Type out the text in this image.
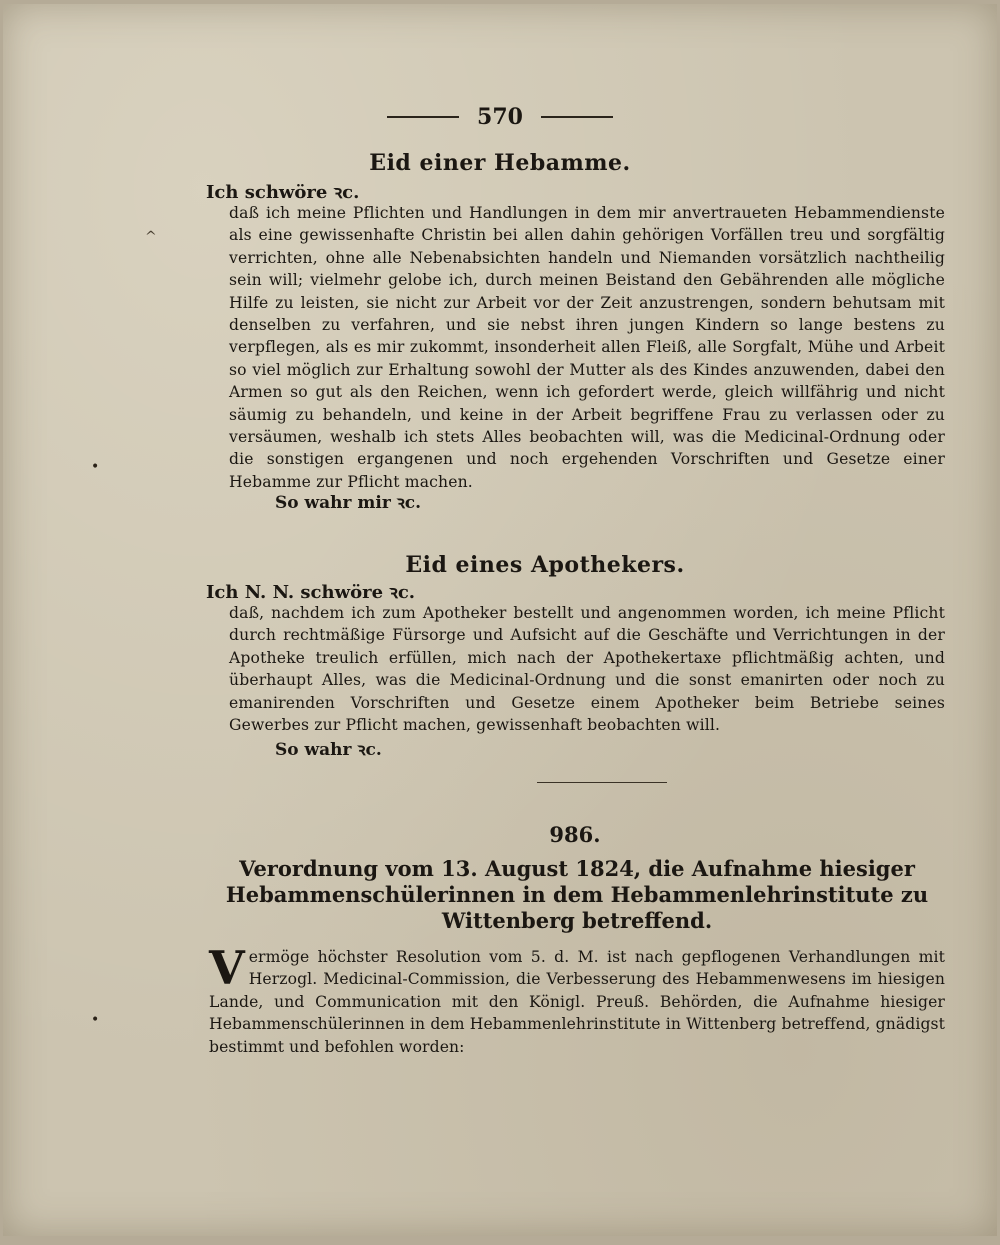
570
Eid einer Hebamme.
Ich schwöre ꝛc.
daß ich meine Pflichten und Handlungen in dem mir anvertraueten Hebammendienste als eine gewissenhafte Christin bei allen dahin gehörigen Vorfällen treu und sorgfältig verrichten, ohne alle Nebenabsichten handeln und Niemanden vorsätzlich nachtheilig sein will; vielmehr gelobe ich, durch meinen Beistand den Gebährenden alle mögliche Hilfe zu leisten, sie nicht zur Arbeit vor der Zeit anzustrengen, sondern behutsam mit denselben zu verfahren, und sie nebst ihren jungen Kindern so lange bestens zu verpflegen, als es mir zukommt, insonderheit allen Fleiß, alle Sorgfalt, Mühe und Arbeit so viel möglich zur Erhaltung sowohl der Mutter als des Kindes anzuwenden, dabei den Armen so gut als den Reichen, wenn ich gefordert werde, gleich willfährig und nicht säumig zu behandeln, und keine in der Arbeit begriffene Frau zu verlassen oder zu versäumen, weshalb ich stets Alles beobachten will, was die Medicinal-Ordnung oder die sonstigen ergangenen und noch ergehenden Vorschriften und Gesetze einer Hebamme zur Pflicht machen.
So wahr mir ꝛc.
Eid eines Apothekers.
Ich N. N. schwöre ꝛc.
daß, nachdem ich zum Apotheker bestellt und angenommen worden, ich meine Pflicht durch rechtmäßige Fürsorge und Aufsicht auf die Geschäfte und Verrichtungen in der Apotheke treulich erfüllen, mich nach der Apothekertaxe pflichtmäßig achten, und überhaupt Alles, was die Medicinal-Ordnung und die sonst emanirten oder noch zu emanirenden Vorschriften und Gesetze einem Apotheker beim Betriebe seines Gewerbes zur Pflicht machen, gewissenhaft beobachten will.
So wahr ꝛc.
986.
Verordnung vom 13. August 1824, die Aufnahme hiesiger Hebammenschülerinnen in dem Hebammenlehrinstitute zu Wittenberg betreffend.
V ermöge höchster Resolution vom 5. d. M. ist nach gepflogenen Verhandlungen mit Herzogl. Medicinal-Commission, die Verbesserung des Hebammenwesens im hiesigen Lande, und Communication mit den Königl. Preuß. Behörden, die Aufnahme hiesiger Hebammenschülerinnen in dem Hebammenlehrinstitute in Wittenberg betreffend, gnädigst bestimmt und befohlen worden:
^
•
•
